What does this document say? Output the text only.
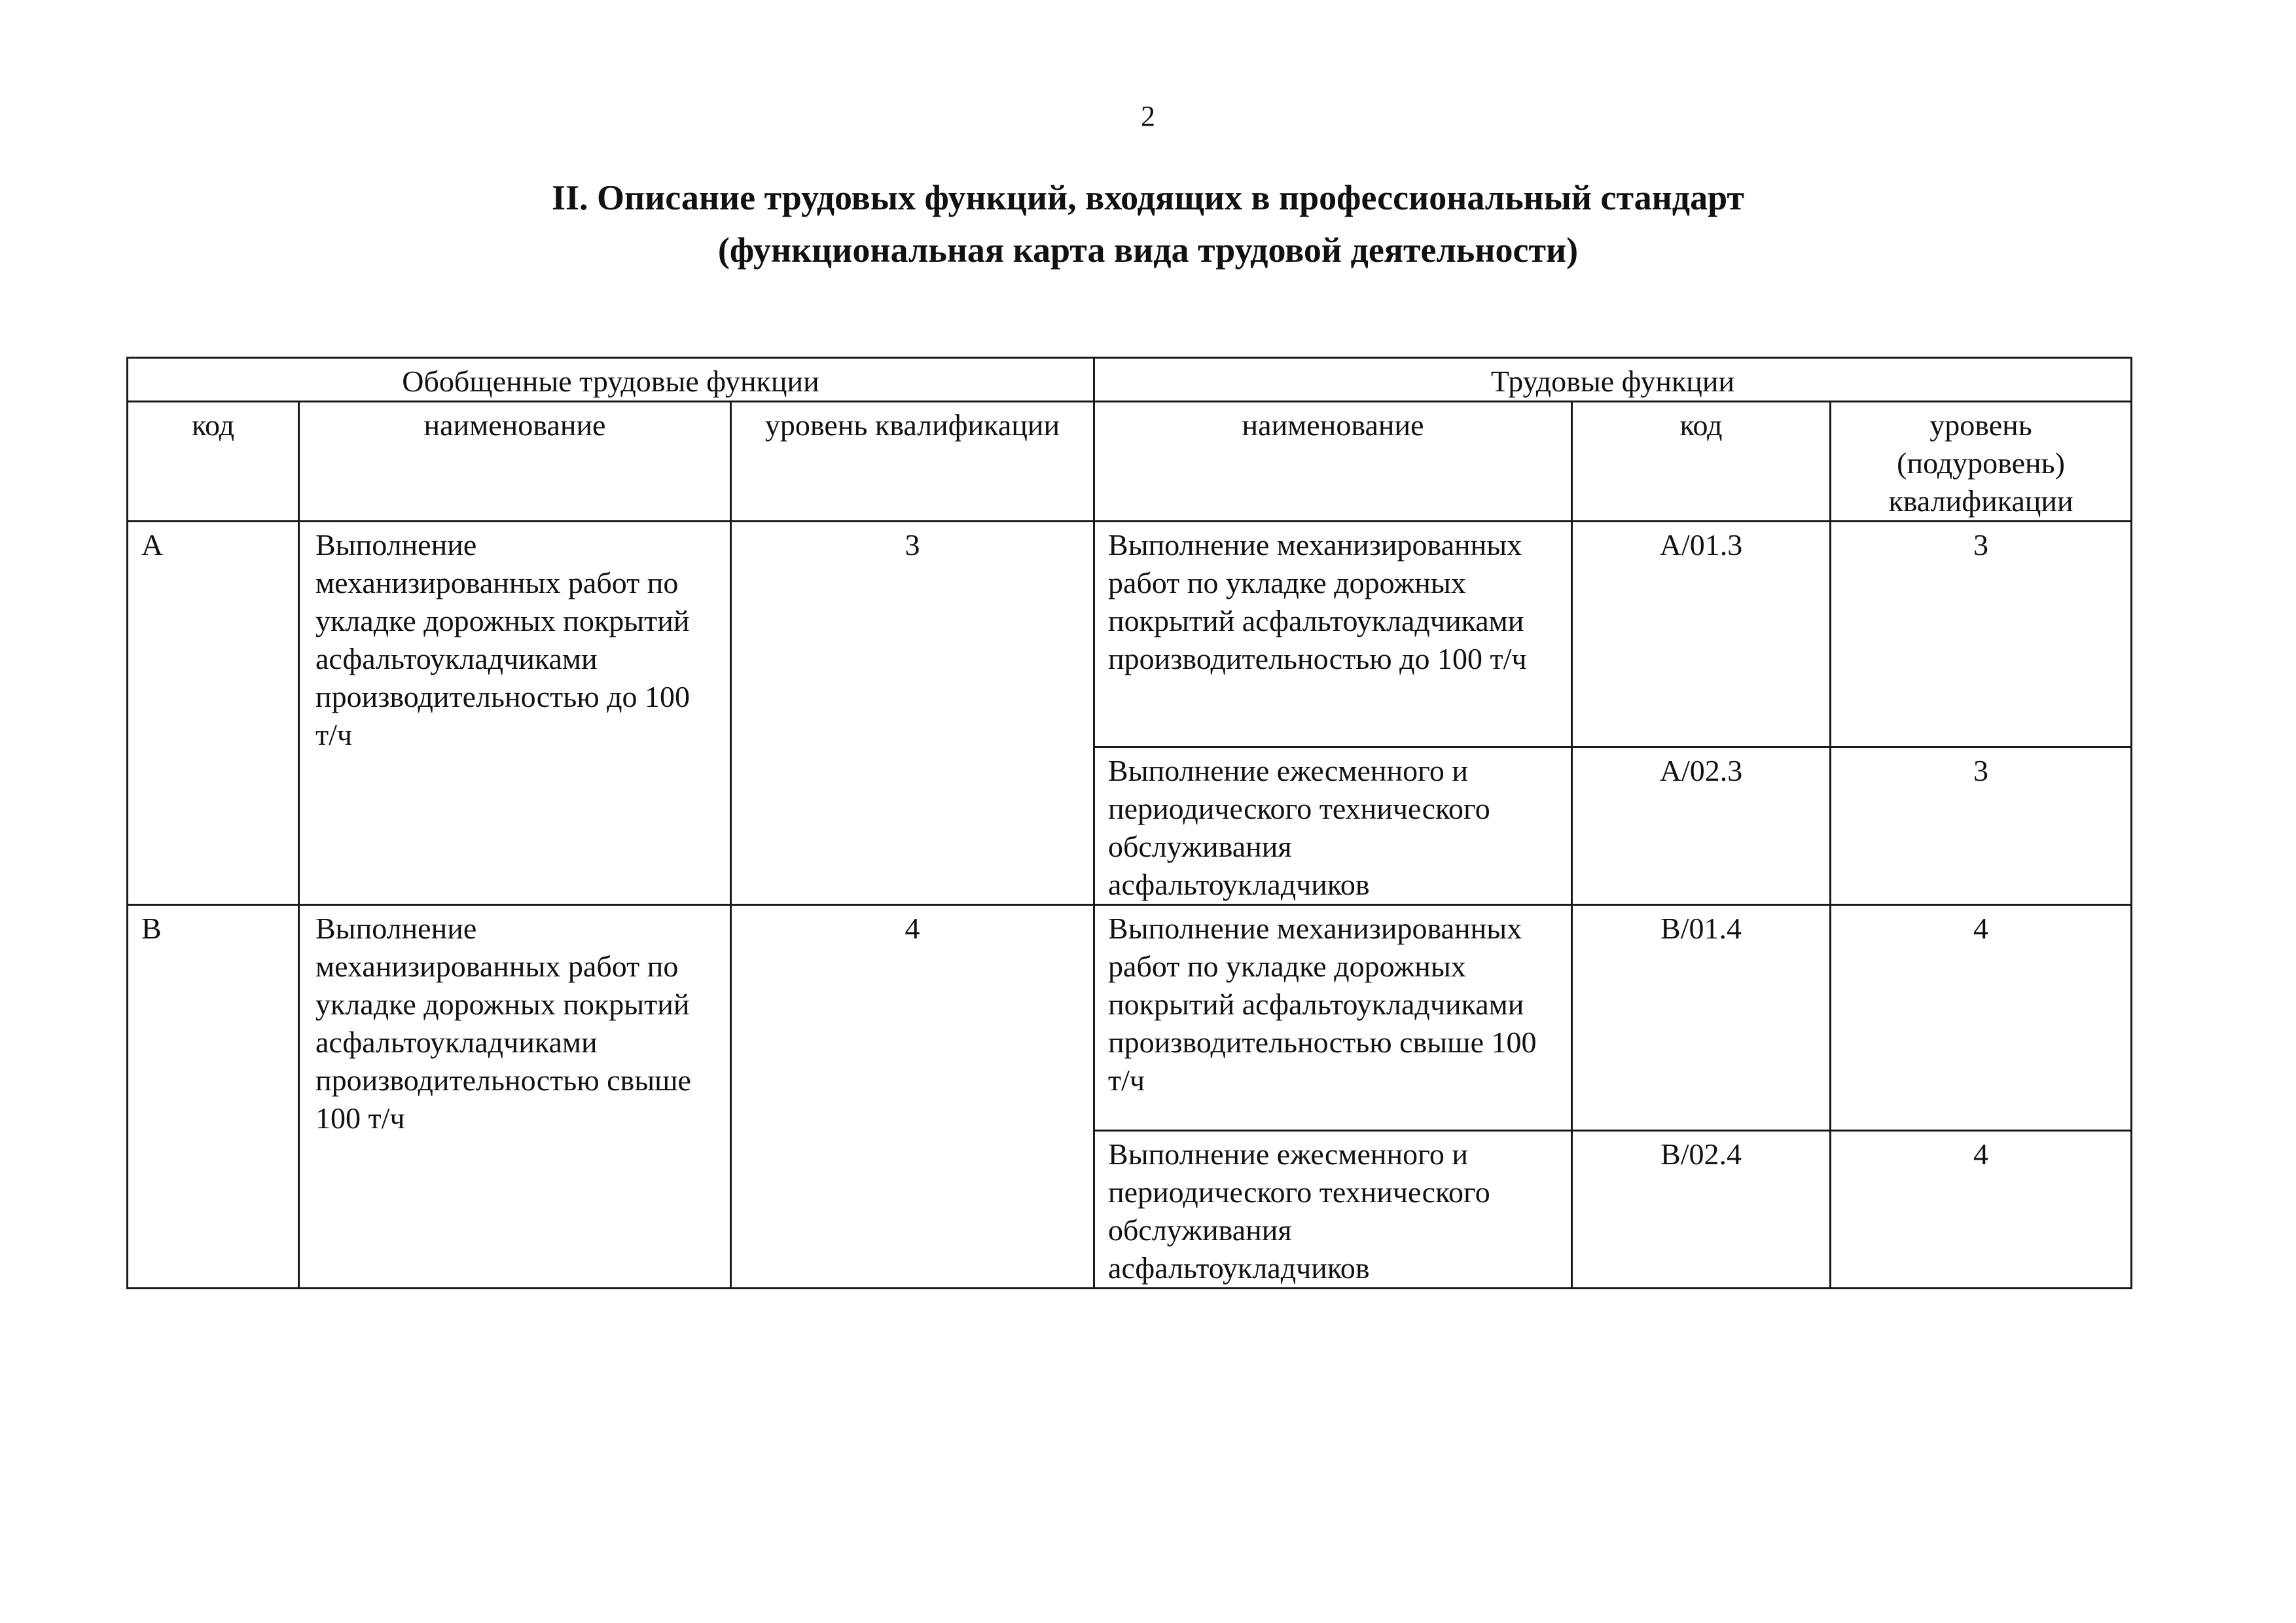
2
II. Описание трудовых функций, входящих в профессиональный стандарт
(функциональная карта вида трудовой деятельности)
Обобщенные трудовые функции			Трудовые функции		
код	наименование	уровень квалификации	наименование	код	уровень (подуровень) квалификации
A	Выполнение механизированных работ по укладке дорожных покрытий асфальтоукладчиками производительностью до 100 т/ч	3	Выполнение механизированных работ по укладке дорожных покрытий асфальтоукладчиками производительностью до 100 т/ч	A/01.3	3
			Выполнение ежесменного и периодического технического обслуживания асфальтоукладчиков	A/02.3	3
B	Выполнение механизированных работ по укладке дорожных покрытий асфальтоукладчиками производительностью свыше 100 т/ч	4	Выполнение механизированных работ по укладке дорожных покрытий асфальтоукладчиками производительностью свыше 100 т/ч	B/01.4	4
			Выполнение ежесменного и периодического технического обслуживания асфальтоукладчиков	B/02.4	4
